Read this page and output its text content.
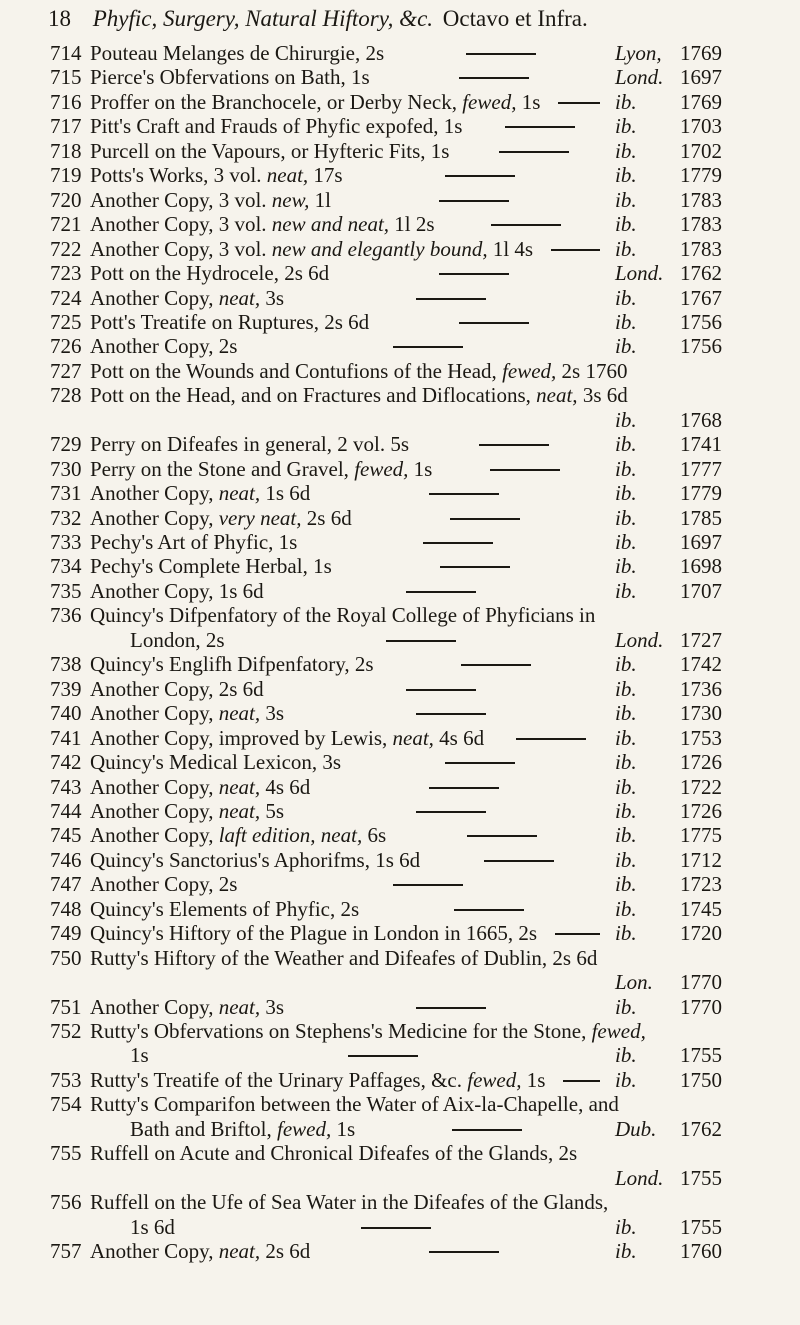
18 Phyfic, Surgery, Natural Hiftory, &c. Octavo et Infra.
714 Pouteau Melanges de Chirurgie, 2s	Lyon, 1769
715 Pierce's Obfervations on Bath, 1s	Lond. 1697
716 Proffer on the Branchocele, or Derby Neck, fewed, 1s	ib.	1769
717 Pitt's Craft and Frauds of Phyfic expofed, 1s	ib.	1703
718 Purcell on the Vapours, or Hyfteric Fits, 1s	ib.	1702
719 Potts's Works, 3 vol. neat, 17s	ib.	1779
720 Another Copy, 3 vol. new, 1l	ib.	1783
721 Another Copy, 3 vol. new and neat, 1l 2s	ib.	1783
722 Another Copy, 3 vol. new and elegantly bound, 1l 4s	ib.	1783
723 Pott on the Hydrocele, 2s 6d	Lond. 1762
724 Another Copy, neat, 3s	ib.	1767
725 Pott's Treatife on Ruptures, 2s 6d	ib.	1756
726 Another Copy, 2s	ib.	1756
727 Pott on the Wounds and Contufions of the Head, fewed, 2s 1760
728 Pott on the Head, and on Fractures and Diflocations, neat, 3s 6d
ib.	1768
729 Perry on Difeafes in general, 2 vol. 5s	ib.	1741
730 Perry on the Stone and Gravel, fewed, 1s	ib.	1777
731 Another Copy, neat, 1s 6d	ib.	1779
732 Another Copy, very neat, 2s 6d	ib.	1785
733 Pechy's Art of Phyfic, 1s	ib.	1697
734 Pechy's Complete Herbal, 1s	ib.	1698
735 Another Copy, 1s 6d	ib.	1707
736 Quincy's Difpenfatory of the Royal College of Phyficians in
London, 2s	Lond. 1727
738 Quincy's Englifh Difpenfatory, 2s	ib.	1742
739 Another Copy, 2s 6d	ib.	1736
740 Another Copy, neat, 3s	ib.	1730
741 Another Copy, improved by Lewis, neat, 4s 6d	ib.	1753
742 Quincy's Medical Lexicon, 3s	ib.	1726
743 Another Copy, neat, 4s 6d	ib.	1722
744 Another Copy, neat, 5s	ib.	1726
745 Another Copy, laft edition, neat, 6s	ib.	1775
746 Quincy's Sanctorius's Aphorifms, 1s 6d	ib.	1712
747 Another Copy, 2s	ib.	1723
748 Quincy's Elements of Phyfic, 2s	ib.	1745
749 Quincy's Hiftory of the Plague in London in 1665, 2s	ib.	1720
750 Rutty's Hiftory of the Weather and Difeafes of Dublin, 2s 6d
Lon.	1770
751 Another Copy, neat, 3s	ib.	1770
752 Rutty's Obfervations on Stephens's Medicine for the Stone, fewed,
1s	ib.	1755
753 Rutty's Treatife of the Urinary Paffages, &c. fewed, 1s	ib.	1750
754 Rutty's Comparifon between the Water of Aix-la-Chapelle, and
Bath and Briftol, fewed, 1s	Dub.	1762
755 Ruffell on Acute and Chronical Difeafes of the Glands, 2s
Lond. 1755
756 Ruffell on the Ufe of Sea Water in the Difeafes of the Glands,
1s 6d	ib.	1755
757 Another Copy, neat, 2s 6d	ib.	1760
